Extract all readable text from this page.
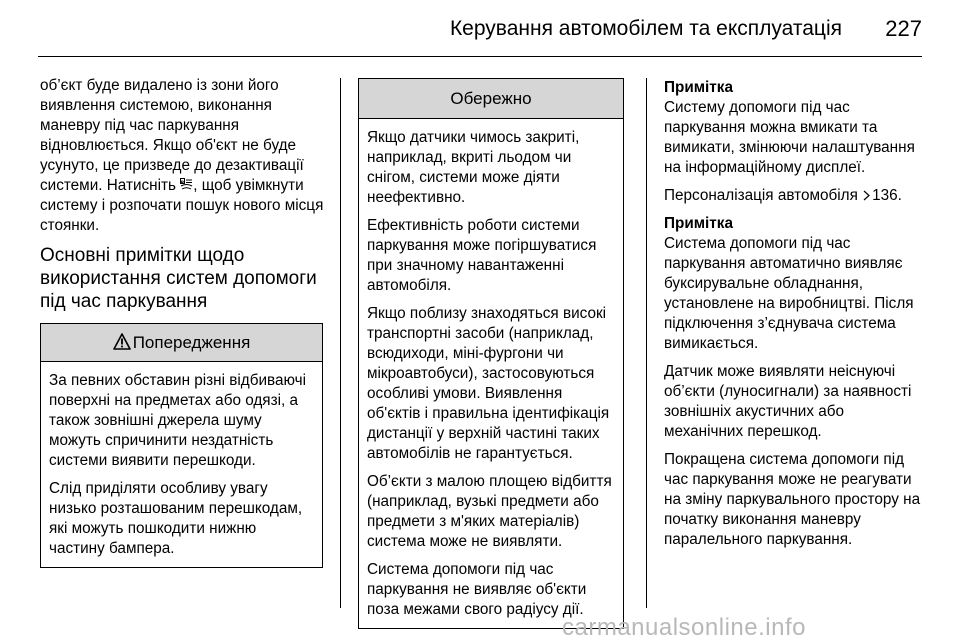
Керування автомобілем та експлуатація 227

об’єкт буде видалено із зони його виявлення системою, виконання маневру під час паркування відновлюється. Якщо об'єкт не буде усунуто, це призведе до дезактивації системи. Натисніть , щоб увімкнути систему і розпочати пошук нового місця стоянки.

Основні примітки щодо використання систем допомоги під час паркування
Попередження

За певних обставин різні відбиваючі поверхні на предметах або одязі, а також зовнішні джерела шуму можуть спричинити нездатність системи виявити перешкоди.

Слід приділяти особливу увагу низько розташованим перешкодам, які можуть пошкодити нижню частину бампера.

Обережно

Якщо датчики чимось закриті, наприклад, вкриті льодом чи снігом, системи може діяти неефективно.

Ефективність роботи системи паркування може погіршуватися при значному навантаженні автомобіля.

Якщо поблизу знаходяться високі транспортні засоби (наприклад, всюдиходи, міні-фургони чи мікроавтобуси), застосовуються особливі умови. Виявлення об'єктів і правильна ідентифікація дистанції у верхній частині таких автомобілів не гарантується.

Об’єкти з малою площею відбиття (наприклад, вузькі предмети або предмети з м'яких матеріалів) система може не виявляти.

Система допомоги під час паркування не виявляє об'єкти поза межами свого радіусу дії.

Примітка

Систему допомоги під час паркування можна вмикати та вимикати, змінюючи налаштування на інформаційному дисплеї.

Персоналізація автомобіля 136.

Примітка

Система допомоги під час паркування автоматично виявляє буксирувальне обладнання, установлене на виробництві. Після підключення з’єднувача система вимикається.

Датчик може виявляти неіснуючі об’єкти (луносигнали) за наявності зовнішніх акустичних або механічних перешкод.

Покращена система допомоги під час паркування може не реагувати на зміну паркувального простору на початку виконання маневру паралельного паркування.

carmanualsonline.info
